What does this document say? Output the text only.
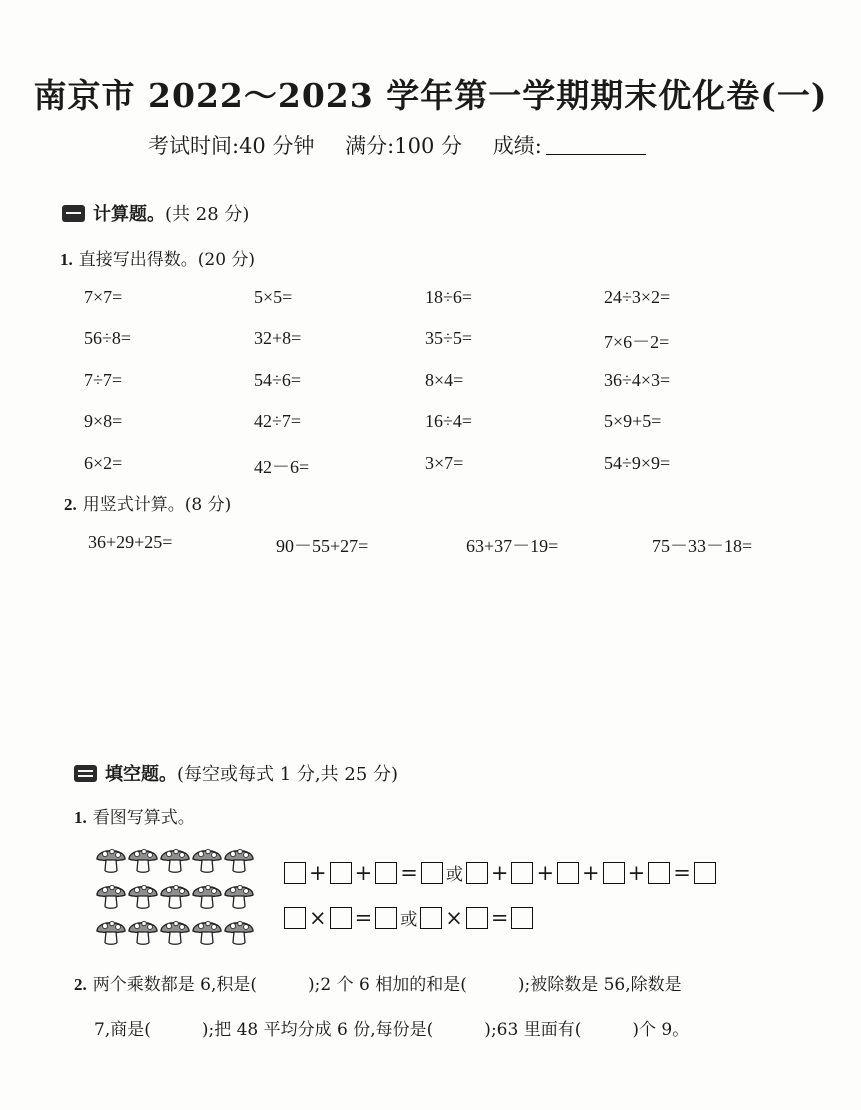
南京市 2022～2023 学年第一学期期末优化卷(一)
考试时间:40 分钟 满分:100 分 成绩:
计算题。(共 28 分)
1. 直接写出得数。(20 分)
7×7=	5×5=	18÷6=	24÷3×2=
56÷8=	32+8=	35÷5=	7×6－2=
7÷7=	54÷6=	8×4=	36÷4×3=
9×8=	42÷7=	16÷4=	5×9+5=
6×2=	42－6=	3×7=	54÷9×9=
2. 用竖式计算。(8 分)
36+29+25=	90－55+27=	63+37－19=	75－33－18=
填空题。(每空或每式 1 分,共 25 分)
1. 看图写算式。
+ + = 或 + + + + =
× = 或 × =
2. 两个乘数都是 6,积是(　　　);2 个 6 相加的和是(　　　);被除数是 56,除数是
7,商是(　　　);把 48 平均分成 6 份,每份是(　　　);63 里面有(　　　)个 9。
